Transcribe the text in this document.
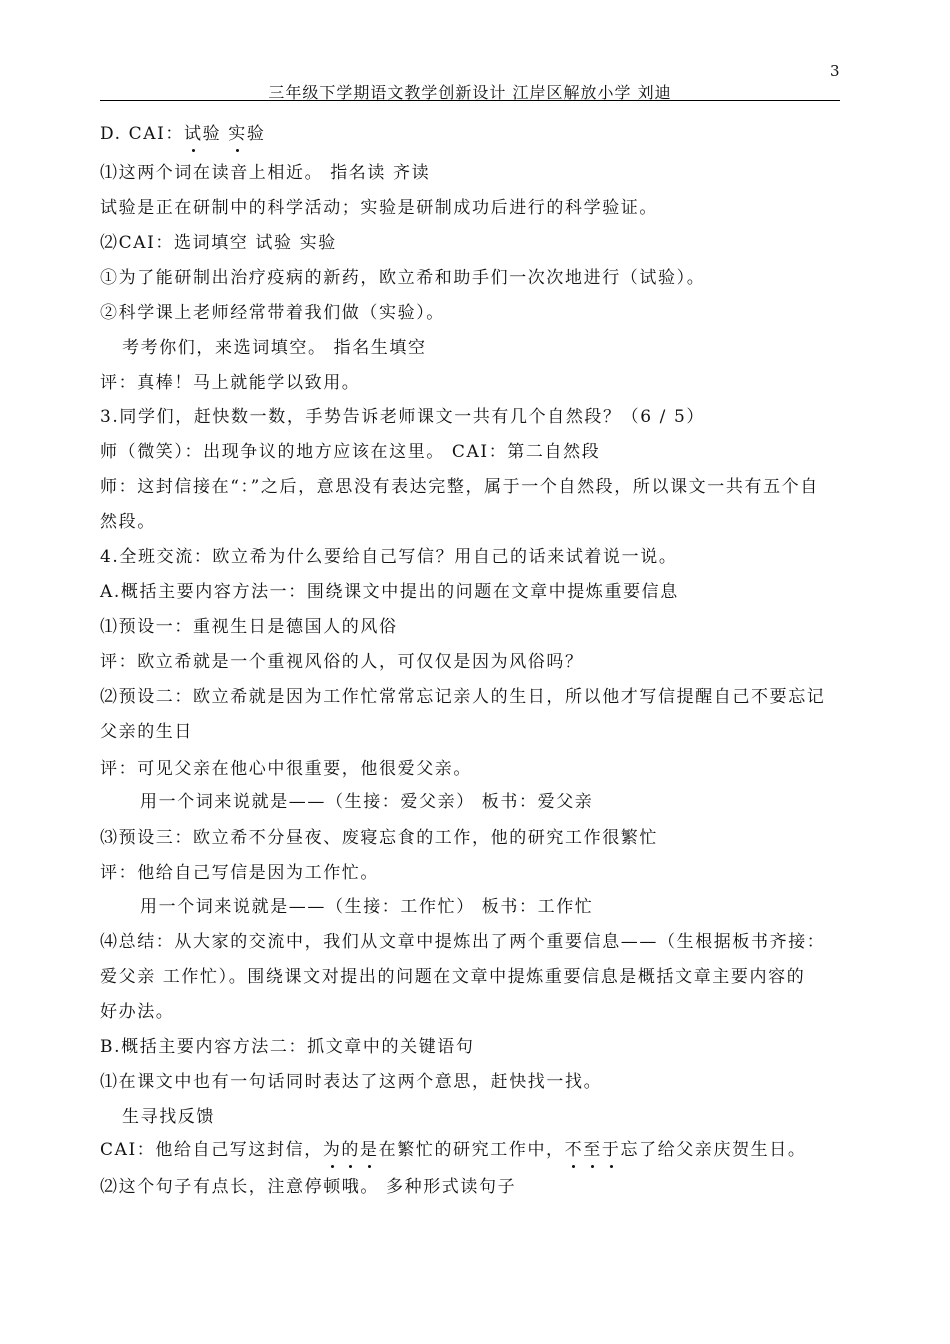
3
三年级下学期语文教学创新设计 江岸区解放小学 刘迪
D. CAI：试验 实验
⑴这两个词在读音上相近。 指名读 齐读
试验是正在研制中的科学活动；实验是研制成功后进行的科学验证。
⑵CAI：选词填空 试验 实验
①为了能研制出治疗疫病的新药，欧立希和助手们一次次地进行（试验）。
②科学课上老师经常带着我们做（实验）。
考考你们，来选词填空。 指名生填空
评：真棒！马上就能学以致用。
3.同学们，赶快数一数，手势告诉老师课文一共有几个自然段？（6 / 5）
师（微笑）：出现争议的地方应该在这里。 CAI：第二自然段
师：这封信接在“：”之后，意思没有表达完整，属于一个自然段，所以课文一共有五个自
然段。
4.全班交流：欧立希为什么要给自己写信？用自己的话来试着说一说。
A.概括主要内容方法一：围绕课文中提出的问题在文章中提炼重要信息
⑴预设一：重视生日是德国人的风俗
评：欧立希就是一个重视风俗的人，可仅仅是因为风俗吗？
⑵预设二：欧立希就是因为工作忙常常忘记亲人的生日，所以他才写信提醒自己不要忘记
父亲的生日
评：可见父亲在他心中很重要，他很爱父亲。
用一个词来说就是——（生接：爱父亲） 板书：爱父亲
⑶预设三：欧立希不分昼夜、废寝忘食的工作，他的研究工作很繁忙
评：他给自己写信是因为工作忙。
用一个词来说就是——（生接：工作忙） 板书：工作忙
⑷总结：从大家的交流中，我们从文章中提炼出了两个重要信息——（生根据板书齐接：
爱父亲 工作忙）。围绕课文对提出的问题在文章中提炼重要信息是概括文章主要内容的
好办法。
B.概括主要内容方法二：抓文章中的关键语句
⑴在课文中也有一句话同时表达了这两个意思，赶快找一找。
生寻找反馈
CAI：他给自己写这封信，为的是在繁忙的研究工作中，不至于忘了给父亲庆贺生日。
⑵这个句子有点长，注意停顿哦。 多种形式读句子
